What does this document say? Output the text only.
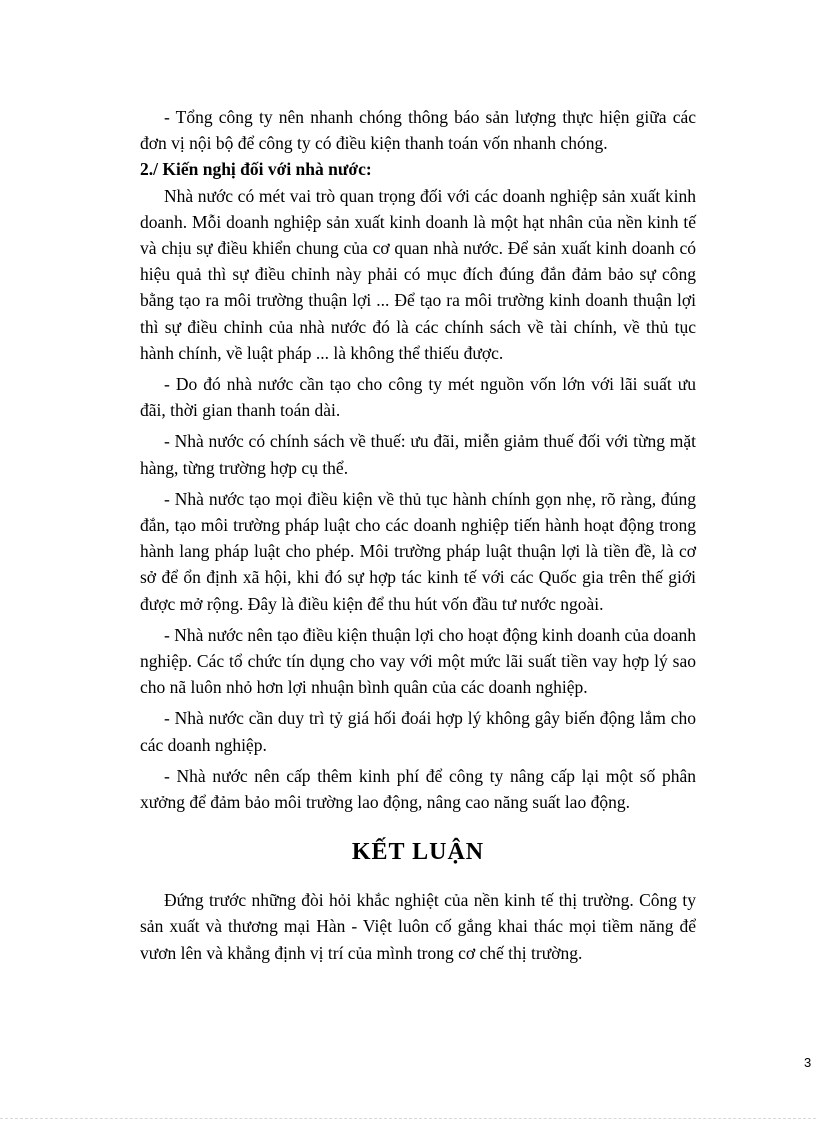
- Tổng công ty nên nhanh chóng thông báo sản lượng thực hiện giữa các đơn vị nội bộ để công ty có điều kiện thanh toán vốn nhanh chóng.

2./ Kiến nghị đối với nhà nước:

Nhà nước có mét vai trò quan trọng đối với các doanh nghiệp sản xuất kinh doanh. Mỗi doanh nghiệp sản xuất kinh doanh là một hạt nhân của nền kinh tế và chịu sự điều khiển chung của cơ quan nhà nước. Để sản xuất kinh doanh có hiệu quả thì sự điều chỉnh này phải có mục đích đúng đắn đảm bảo sự công bằng tạo ra môi trường thuận lợi ... Để tạo ra môi trường kinh doanh thuận lợi thì sự điều chỉnh của nhà nước đó là các chính sách về tài chính, về thủ tục hành chính, về luật pháp ... là không thể thiếu được.

- Do đó nhà nước cần tạo cho công ty mét nguồn vốn lớn với lãi suất ưu đãi, thời gian thanh toán dài.

- Nhà nước có chính sách về thuế: ưu đãi, miễn giảm thuế đối với từng mặt hàng, từng trường hợp cụ thể.

- Nhà nước tạo mọi điều kiện về thủ tục hành chính gọn nhẹ, rõ ràng, đúng đắn, tạo môi trường pháp luật cho các doanh nghiệp tiến hành hoạt động trong hành lang pháp luật cho phép. Môi trường pháp luật thuận lợi là tiền đề, là cơ sở để ổn định xã hội, khi đó sự hợp tác kinh tế với các Quốc gia trên thế giới được mở rộng. Đây là điều kiện để thu hút vốn đầu tư nước ngoài.

- Nhà nước nên tạo điều kiện thuận lợi cho hoạt động kinh doanh của doanh nghiệp. Các tổ chức tín dụng cho vay với một mức lãi suất tiền vay hợp lý sao cho nã luôn nhỏ hơn lợi nhuận bình quân của các doanh nghiệp.

- Nhà nước cần duy trì tỷ giá hối đoái hợp lý không gây biến động lắm cho các doanh nghiệp.

- Nhà nước nên cấp thêm kinh phí để công ty nâng cấp lại một số phân xưởng để đảm bảo môi trường lao động, nâng cao năng suất lao động.

KẾT LUẬN

Đứng trước những đòi hỏi khắc nghiệt của nền kinh tế thị trường. Công ty sản xuất và thương mại Hàn - Việt luôn cố gắng khai thác mọi tiềm năng để vươn lên và khẳng định vị trí của mình trong cơ chế thị trường.

3
